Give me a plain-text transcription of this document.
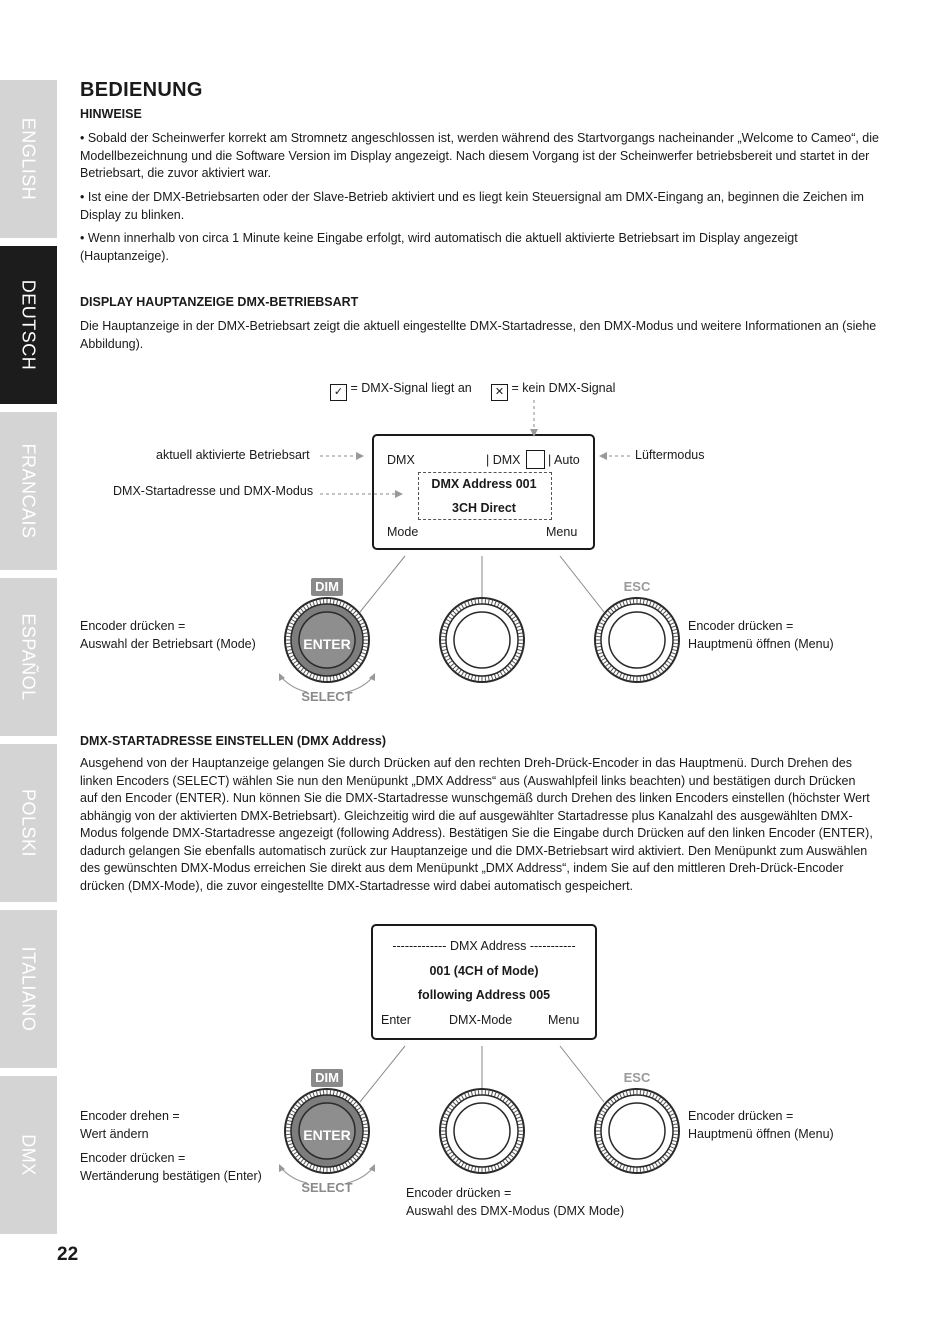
ENGLISH
DEUTSCH
FRANCAIS
ESPAÑOL
POLSKI
ITALIANO
DMX
BEDIENUNG
HINWEISE
• Sobald der Scheinwerfer korrekt am Stromnetz angeschlossen ist, werden während des Startvorgangs nacheinander „Welcome to Cameo“, die Modellbezeichnung und die Software Version im Display angezeigt. Nach diesem Vorgang ist der Scheinwerfer betriebsbereit und startet in der Betriebsart, die zuvor aktiviert war.
• Ist eine der DMX-Betriebsarten oder der Slave-Betrieb aktiviert und es liegt kein Steuersignal am DMX-Eingang an, beginnen die Zeichen im Display zu blinken.
• Wenn innerhalb von circa 1 Minute keine Eingabe erfolgt, wird automatisch die aktuell aktivierte Betriebsart im Display angezeigt (Hauptanzeige).
DISPLAY HAUPTANZEIGE DMX-BETRIEBSART
Die Hauptanzeige in der DMX-Betriebsart zeigt die aktuell eingestellte DMX-Startadresse, den DMX-Modus und weitere Informationen an (siehe Abbildung).
✓ = DMX-Signal liegt an	✕ = kein DMX-Signal
aktuell aktivierte Betriebsart
DMX-Startadresse und DMX-Modus
Lüftermodus
DMX	| DMX | Auto
DMX Address 001
3CH Direct
Mode	Menu
Encoder drücken =
Auswahl der Betriebsart (Mode)
Encoder drücken =
Hauptmenü öffnen (Menu)
DMX-STARTADRESSE EINSTELLEN (DMX Address)
Ausgehend von der Hauptanzeige gelangen Sie durch Drücken auf den rechten Dreh-Drück-Encoder in das Hauptmenü. Durch Drehen des linken Encoders (SELECT) wählen Sie nun den Menüpunkt „DMX Address“ aus (Auswahlpfeil links beachten) und bestätigen durch Drücken auf den Encoder (ENTER). Nun können Sie die DMX-Startadresse wunschgemäß durch Drehen des linken Encoders einstellen (höchster Wert abhängig von der aktivierten DMX-Betriebsart). Gleichzeitig wird die auf ausgewählter Startadresse plus Kanalzahl des ausgewählten DMX-Modus folgende DMX-Startadresse angezeigt (following Address). Bestätigen Sie die Eingabe durch Drücken auf den linken Encoder (ENTER), dadurch gelangen Sie ebenfalls automatisch zurück zur Hauptanzeige und die DMX-Betriebsart wird aktiviert. Den Menüpunkt zum Auswählen des gewünschten DMX-Modus erreichen Sie direkt aus dem Menüpunkt „DMX Address“, indem Sie auf den mittleren Dreh-Drück-Encoder drücken (DMX-Mode), die zuvor eingestellte DMX-Startadresse wird dabei automatisch gespeichert.
------------- DMX Address -----------
001 (4CH of Mode)
following Address 005
Enter	DMX-Mode	Menu
Encoder drehen =
Wert ändern
Encoder drücken =
Wertänderung bestätigen (Enter)
Encoder drücken =
Hauptmenü öffnen (Menu)
Encoder drücken =
Auswahl des DMX-Modus (DMX Mode)
DIM
ENTER
SELECT
ESC
DIM
ENTER
SELECT
ESC
22
